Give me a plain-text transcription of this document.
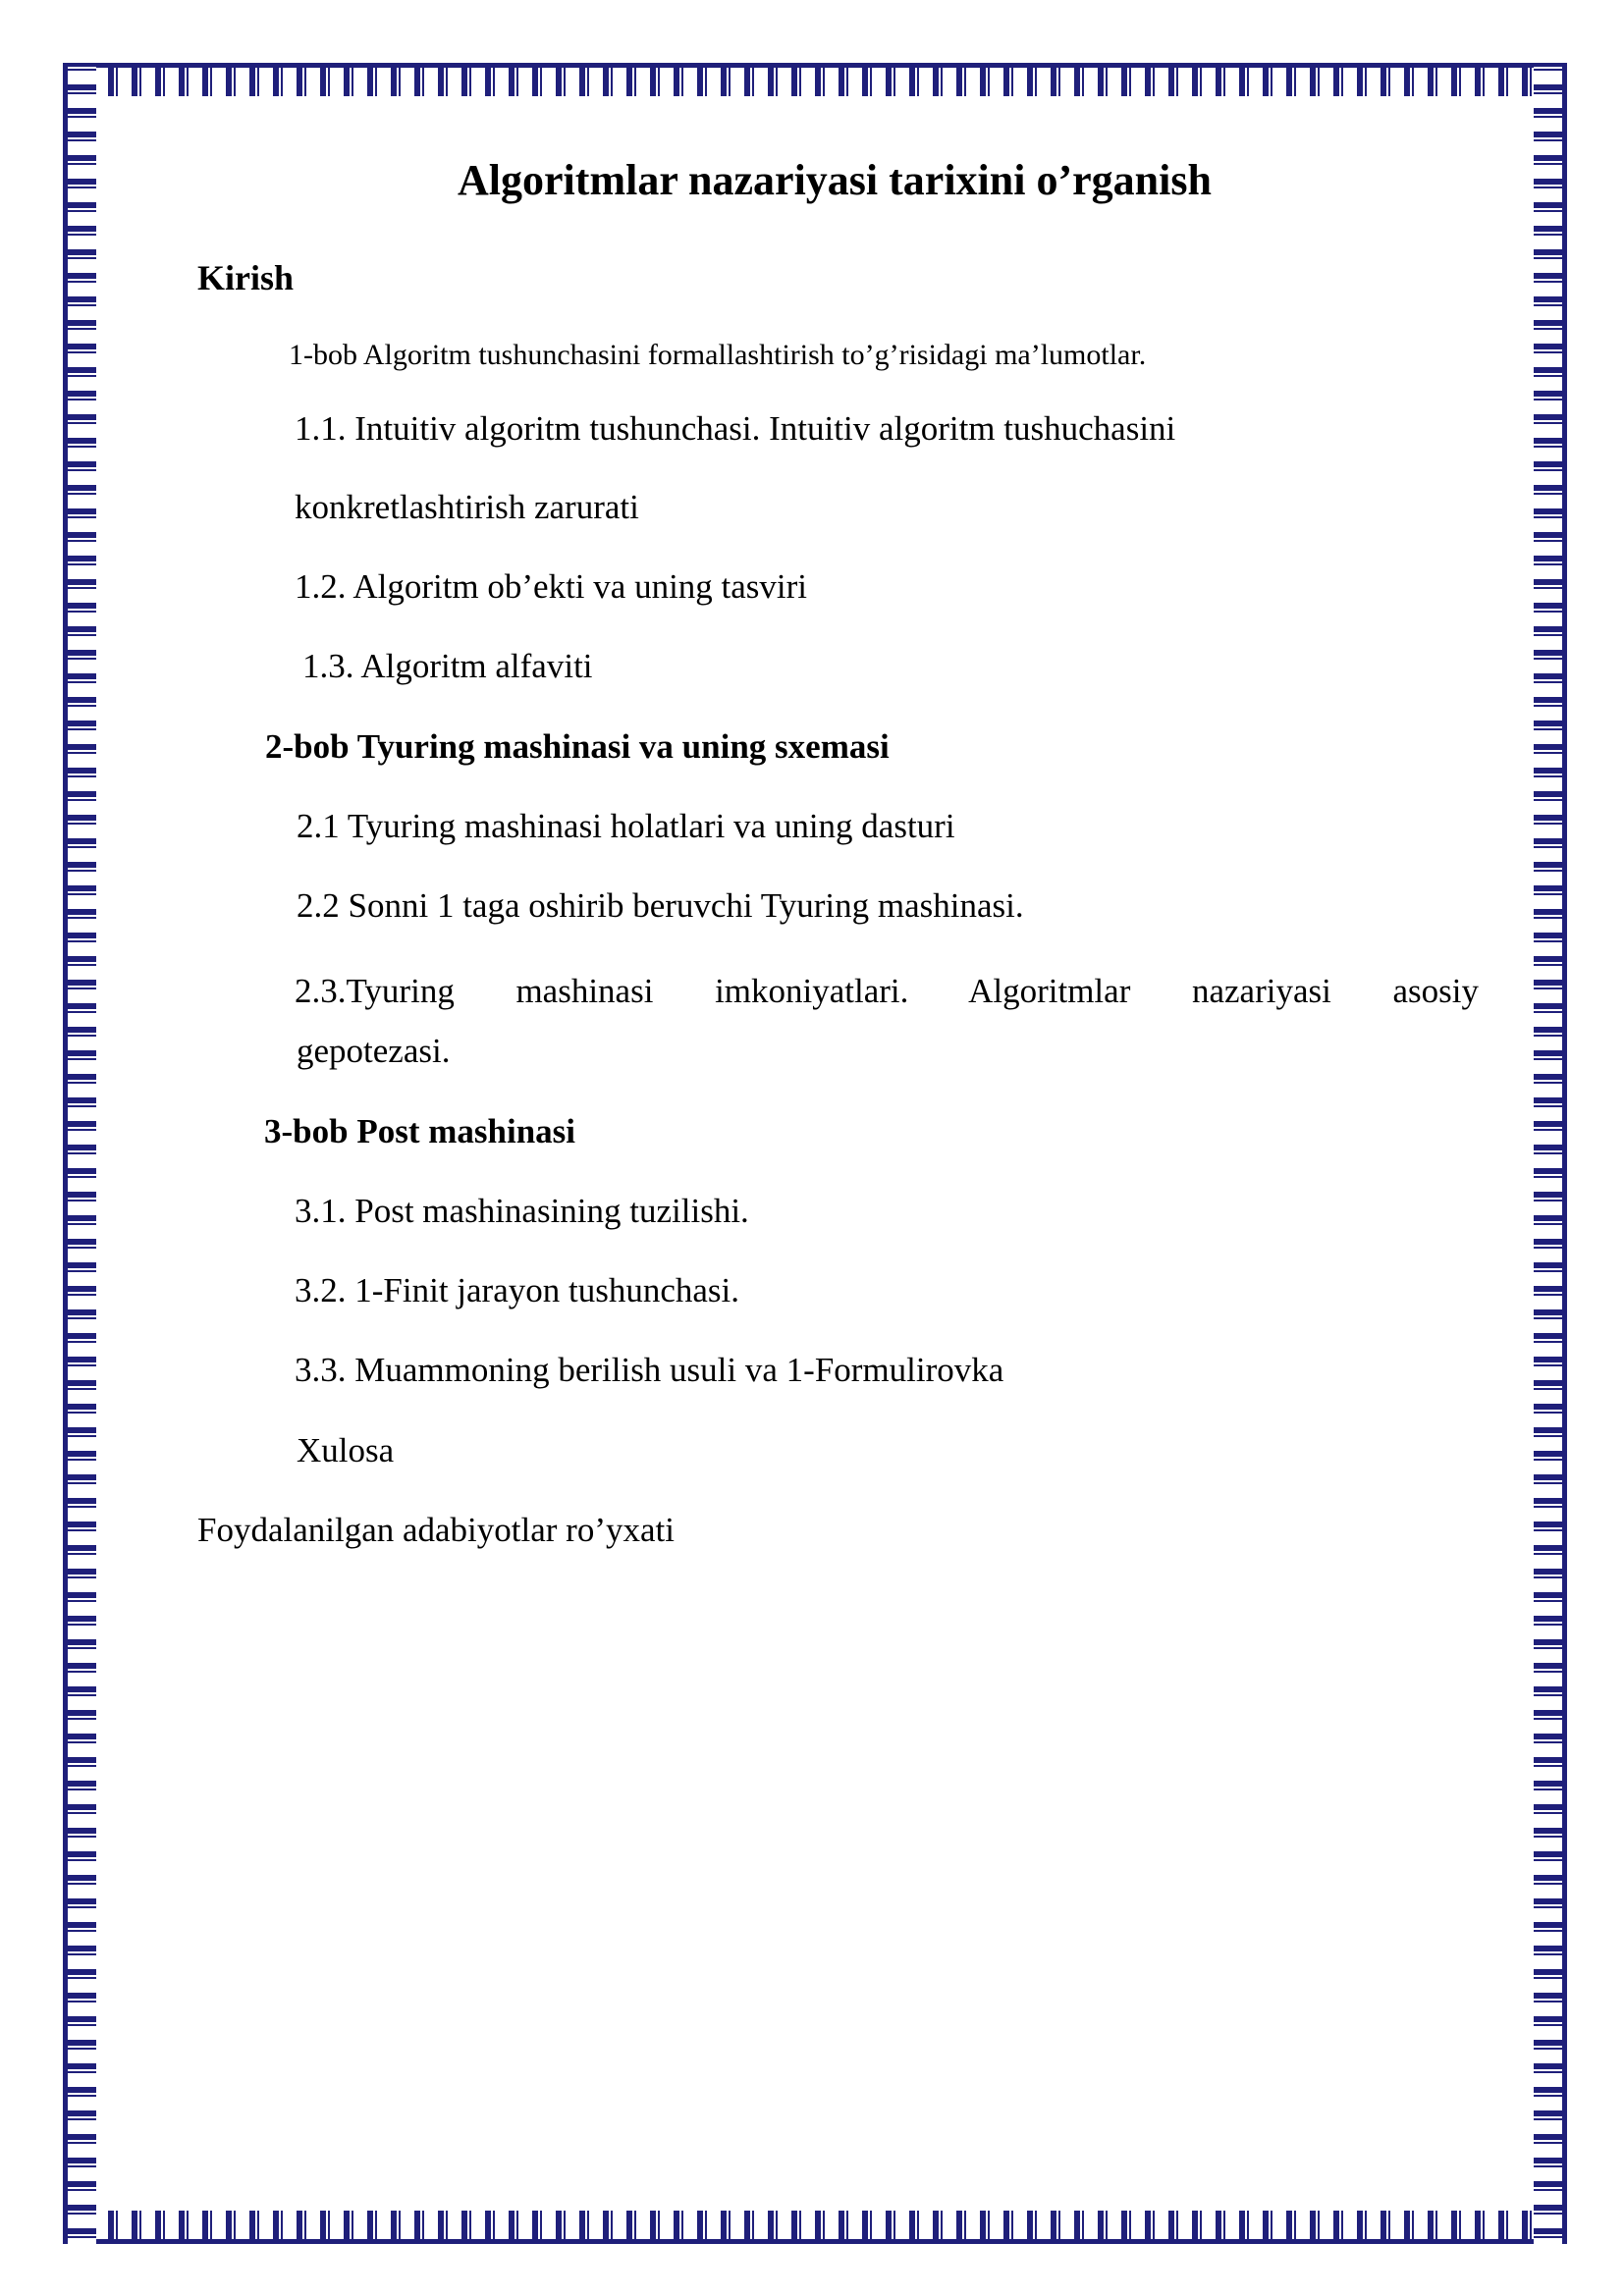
Algoritmlar nazariyasi tarixini o’rganish
Kirish
1-bob Algoritm tushunchasini formallashtirish to’g’risidagi ma’lumotlar.
1.1. Intuitiv algoritm tushunchasi. Intuitiv algoritm tushuchasini
konkretlashtirish zarurati
1.2. Algoritm ob’ekti va uning tasviri
1.3. Algoritm alfaviti
2-bob Tyuring mashinasi va uning sxemasi
2.1 Tyuring mashinasi holatlari va uning dasturi
2.2 Sonni 1 taga oshirib beruvchi Tyuring mashinasi.
2.3.Tyuring mashinasi imkoniyatlari. Algoritmlar nazariyasi asosiy
gepotezasi.
3-bob Post mashinasi
3.1. Post mashinasining tuzilishi.
3.2. 1-Finit jarayon tushunchasi.
3.3. Muammoning berilish usuli va 1-Formulirovka
Xulosa
Foydalanilgan adabiyotlar ro’yxati
